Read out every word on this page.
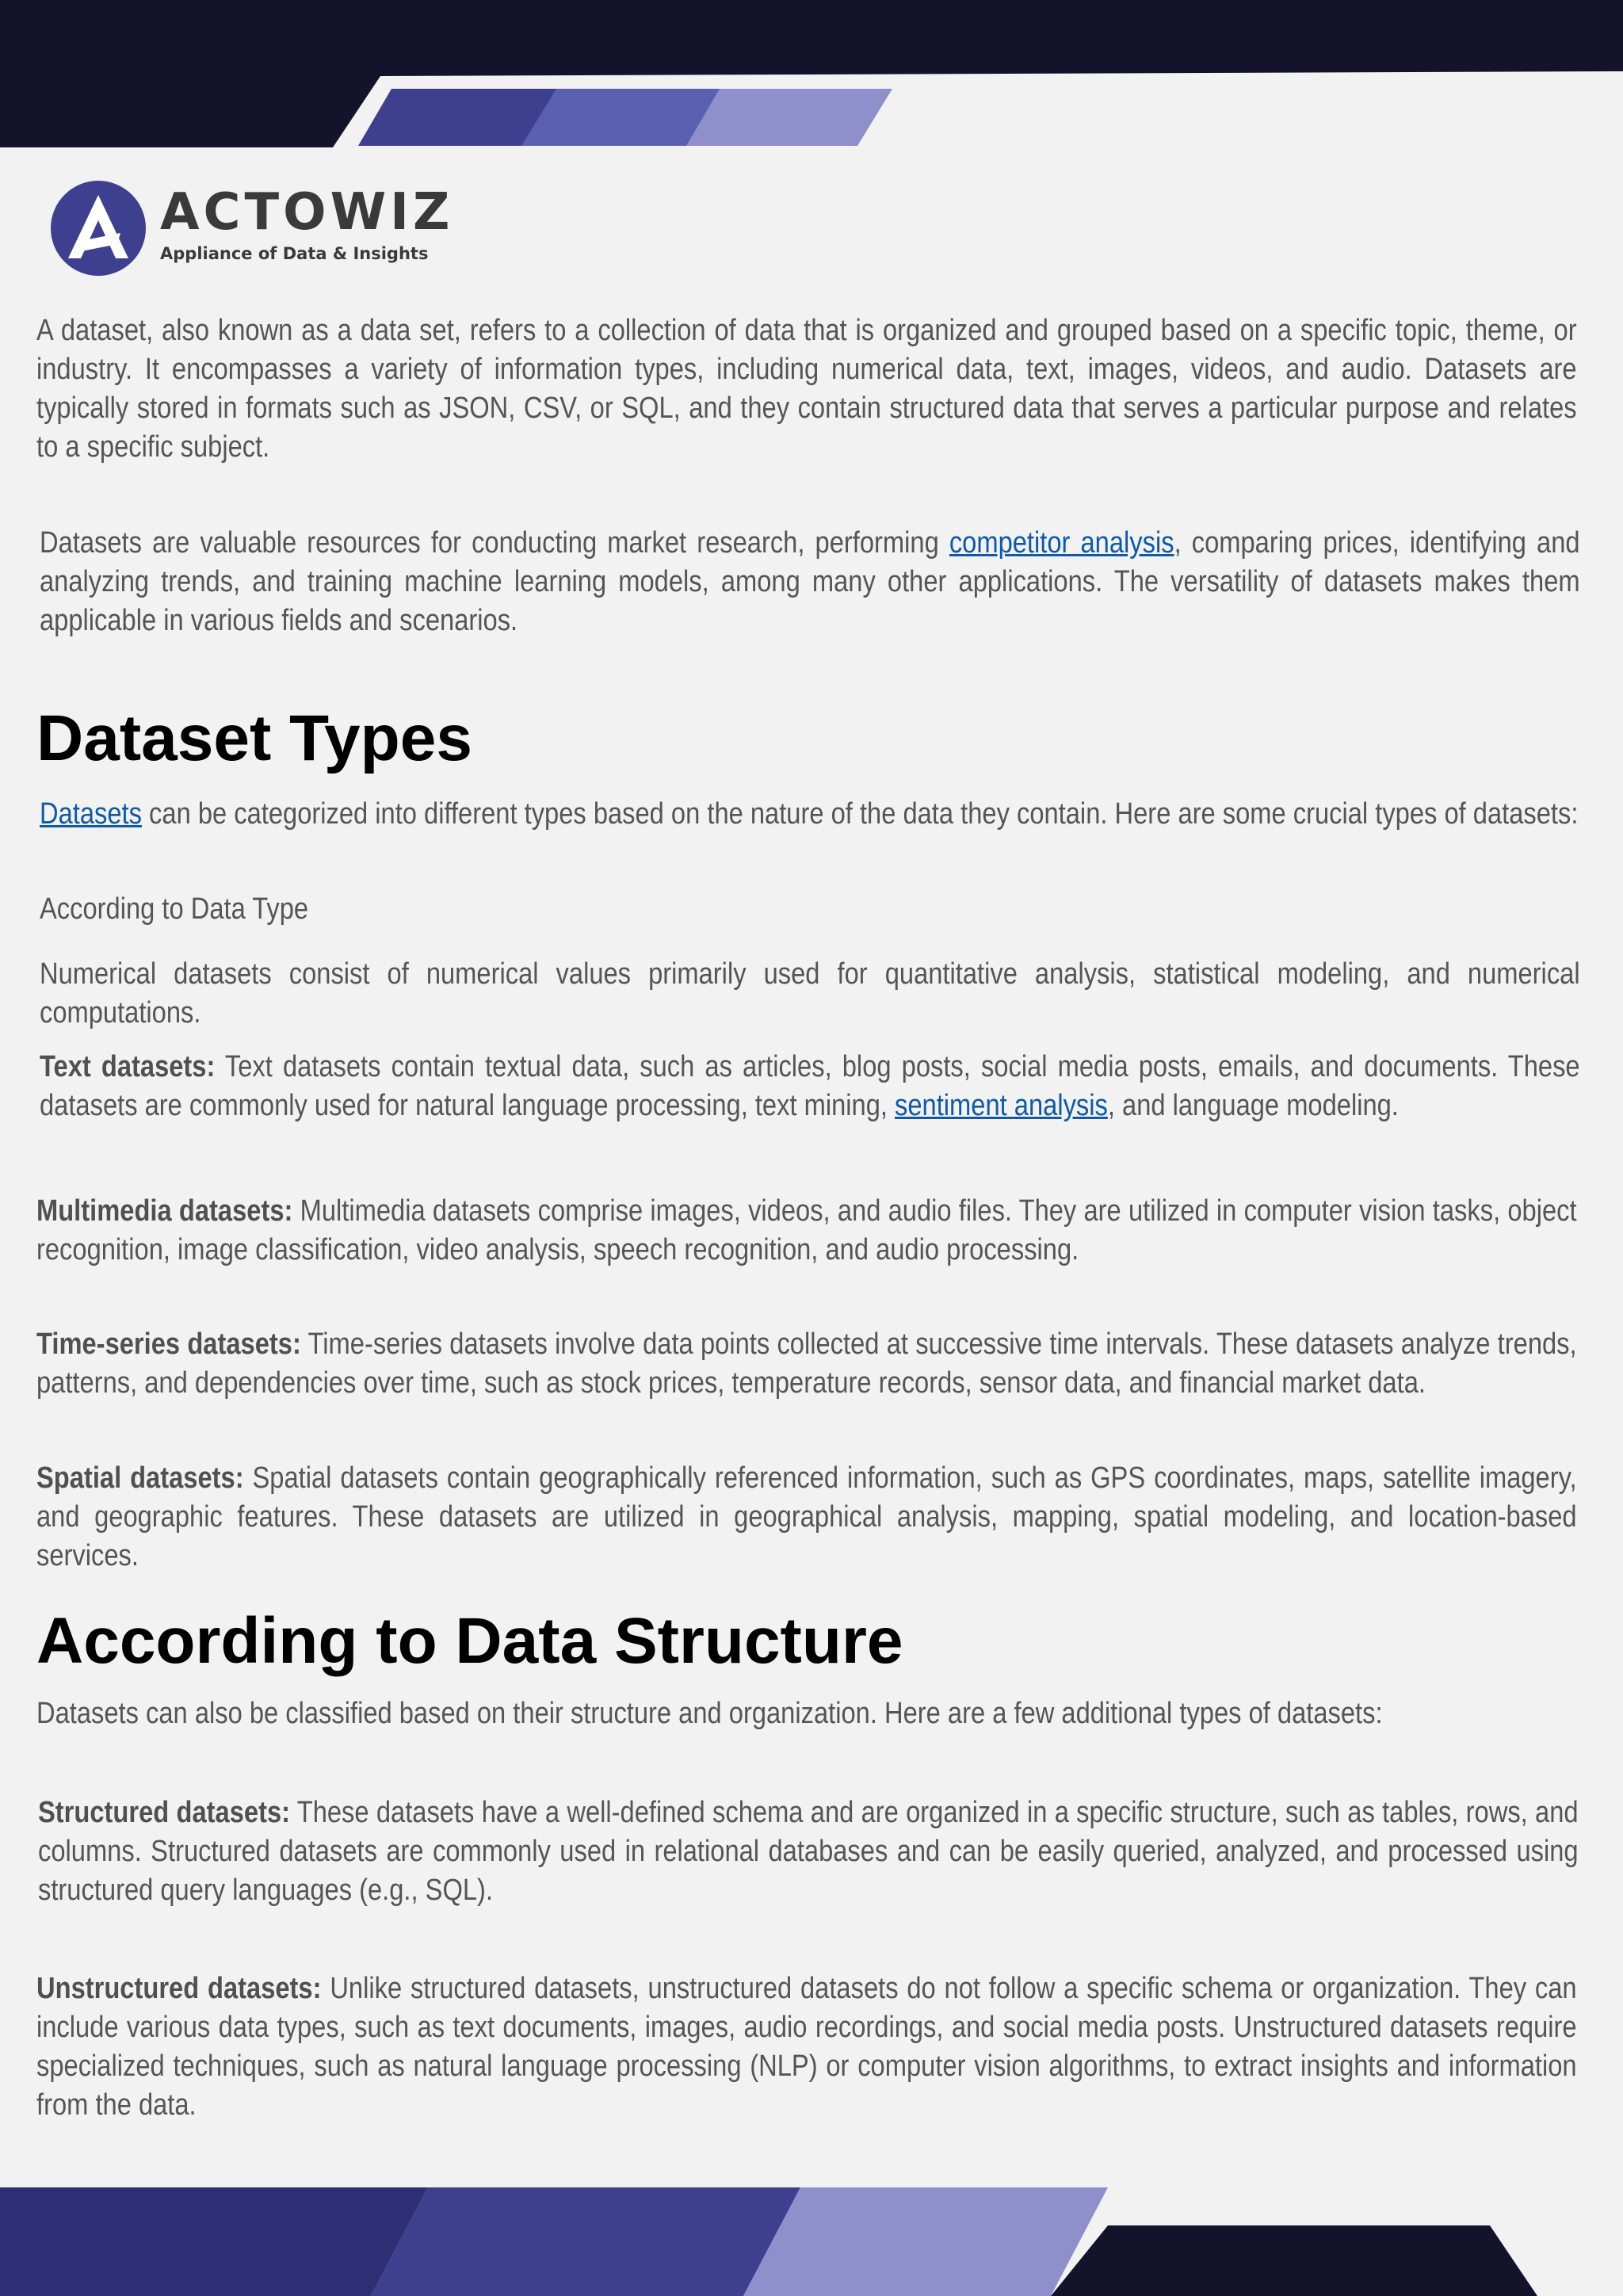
ACTOWIZ
Appliance of Data & Insights

A dataset, also known as a data set, refers to a collection of data that is organized and grouped based on a specific topic, theme, or industry. It encompasses a variety of information types, including numerical data, text, images, videos, and audio. Datasets are typically stored in formats such as JSON, CSV, or SQL, and they contain structured data that serves a particular purpose and relates to a specific subject.

Datasets are valuable resources for conducting market research, performing competitor analysis, comparing prices, identifying and analyzing trends, and training machine learning models, among many other applications. The versatility of datasets makes them applicable in various fields and scenarios.

Dataset Types

Datasets can be categorized into different types based on the nature of the data they contain. Here are some crucial types of datasets:

According to Data Type

Numerical datasets consist of numerical values primarily used for quantitative analysis, statistical modeling, and numerical computations.

Text datasets: Text datasets contain textual data, such as articles, blog posts, social media posts, emails, and documents. These datasets are commonly used for natural language processing, text mining, sentiment analysis, and language modeling.

Multimedia datasets: Multimedia datasets comprise images, videos, and audio files. They are utilized in computer vision tasks, object recognition, image classification, video analysis, speech recognition, and audio processing.

Time-series datasets: Time-series datasets involve data points collected at successive time intervals. These datasets analyze trends, patterns, and dependencies over time, such as stock prices, temperature records, sensor data, and financial market data.

Spatial datasets: Spatial datasets contain geographically referenced information, such as GPS coordinates, maps, satellite imagery, and geographic features. These datasets are utilized in geographical analysis, mapping, spatial modeling, and location-based services.

According to Data Structure

Datasets can also be classified based on their structure and organization. Here are a few additional types of datasets:

Structured datasets: These datasets have a well-defined schema and are organized in a specific structure, such as tables, rows, and columns. Structured datasets are commonly used in relational databases and can be easily queried, analyzed, and processed using structured query languages (e.g., SQL).

Unstructured datasets: Unlike structured datasets, unstructured datasets do not follow a specific schema or organization. They can include various data types, such as text documents, images, audio recordings, and social media posts. Unstructured datasets require specialized techniques, such as natural language processing (NLP) or computer vision algorithms, to extract insights and information from the data.
